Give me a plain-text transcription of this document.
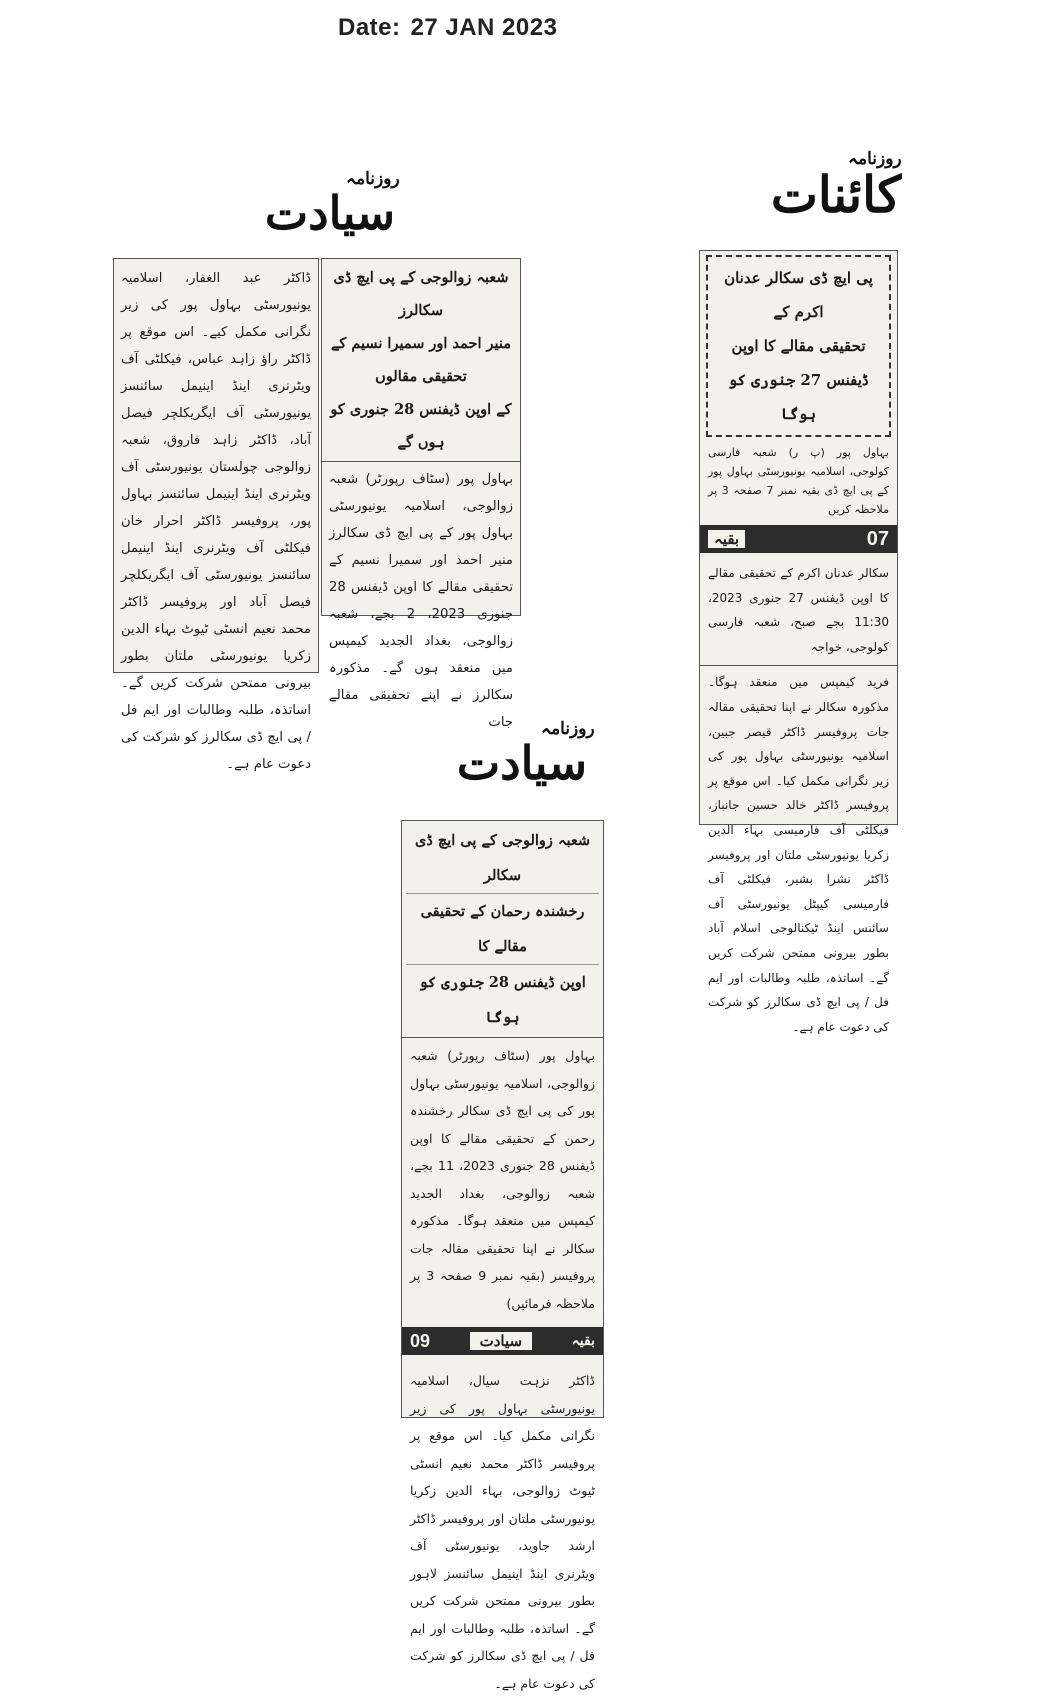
Date: 27 JAN 2023
روزنامہ
سیادت
روزنامہ
کائنات
روزنامہ
سیادت
شعبہ زوالوجی کے پی ایچ ڈی سکالرز
منیر احمد اور سمیرا نسیم کے تحقیقی مقالوں
کے اوپن ڈیفنس 28 جنوری کو ہوں گے

بہاول پور (سٹاف رپورٹر) شعبہ زوالوجی، اسلامیہ یونیورسٹی بہاول پور کے پی ایچ ڈی سکالرز منیر احمد اور سمیرا نسیم کے تحقیقی مقالے کا اوپن ڈیفنس 28 جنوری 2023، 2 بجے، شعبہ زوالوجی، بغداد الجدید کیمپس میں منعقد ہوں گے۔ مذکورہ سکالرز نے اپنے تحقیقی مقالے جات

ڈاکٹر عبد الغفار، اسلامیہ یونیورسٹی بہاول پور کی زیر نگرانی مکمل کیے۔ اس موقع پر ڈاکٹر راؤ زاہد عباس، فیکلٹی آف ویٹرنری اینڈ اینیمل سائنسز یونیورسٹی آف ایگریکلچر فیصل آباد، ڈاکٹر زاہد فاروق، شعبہ زوالوجی چولستان یونیورسٹی آف ویٹرنری اینڈ اینیمل سائنسز بہاول پور، پروفیسر ڈاکٹر احرار خان فیکلٹی آف ویٹرنری اینڈ اینیمل سائنسز یونیورسٹی آف ایگریکلچر فیصل آباد اور پروفیسر ڈاکٹر محمد نعیم انسٹی ٹیوٹ بہاء الدین زکریا یونیورسٹی ملتان بطور بیرونی ممتحن شرکت کریں گے۔ اساتذہ، طلبہ وطالبات اور ایم فل / پی ایچ ڈی سکالرز کو شرکت کی دعوت عام ہے۔

پی ایچ ڈی سکالر عدنان اکرم کے
تحقیقی مقالے کا اوپن
ڈیفنس 27 جنوری کو ہوگا

بہاول پور (پ ر) شعبہ فارسی کولوجی، اسلامیہ یونیورسٹی بہاول پور کے پی ایچ ڈی بقیہ نمبر 7 صفحہ 3 پر ملاحظہ کریں

07
بقیہ

سکالر عدنان اکرم کے تحقیقی مقالے کا اوپن ڈیفنس 27 جنوری 2023، 11:30 بجے صبح، شعبہ فارسی کولوجی، خواجہ

فرید کیمپس میں منعقد ہوگا۔ مذکورہ سکالر نے اپنا تحقیقی مقالہ جات پروفیسر ڈاکٹر قیصر جبین، اسلامیہ یونیورسٹی بہاول پور کی زیر نگرانی مکمل کیا۔ اس موقع پر پروفیسر ڈاکٹر خالد حسین جانباز، فیکلٹی آف فارمیسی بہاء الدین زکریا یونیورسٹی ملتان اور پروفیسر ڈاکٹر نشرا بشیر، فیکلٹی آف فارمیسی کیپٹل یونیورسٹی آف سائنس اینڈ ٹیکنالوجی اسلام آباد بطور بیرونی ممتحن شرکت کریں گے۔ اساتذہ، طلبہ وطالبات اور ایم فل / پی ایچ ڈی سکالرز کو شرکت کی دعوت عام ہے۔

شعبہ زوالوجی کے پی ایچ ڈی سکالر
رخشندہ رحمان کے تحقیقی مقالے کا
اوپن ڈیفنس 28 جنوری کو ہوگا

بہاول پور (سٹاف رپورٹر) شعبہ زوالوجی، اسلامیہ یونیورسٹی بہاول پور کی پی ایچ ڈی سکالر رخشندہ رحمن کے تحقیقی مقالے کا اوپن ڈیفنس 28 جنوری 2023، 11 بجے، شعبہ زوالوجی، بغداد الجدید کیمپس میں منعقد ہوگا۔ مذکورہ سکالر نے اپنا تحقیقی مقالہ جات پروفیسر (بقیہ نمبر 9 صفحہ 3 پر ملاحظہ فرمائیں)

بقیہ
سیادت
09

ڈاکٹر نزہت سیال، اسلامیہ یونیورسٹی بہاول پور کی زیر نگرانی مکمل کیا۔ اس موقع پر پروفیسر ڈاکٹر محمد نعیم انسٹی ٹیوٹ زوالوجی، بہاء الدین زکریا یونیورسٹی ملتان اور پروفیسر ڈاکٹر ارشد جاوید، یونیورسٹی آف ویٹرنری اینڈ اینیمل سائنسز لاہور بطور بیرونی ممتحن شرکت کریں گے۔ اساتذہ، طلبہ وطالبات اور ایم فل / پی ایچ ڈی سکالرز کو شرکت کی دعوت عام ہے۔
